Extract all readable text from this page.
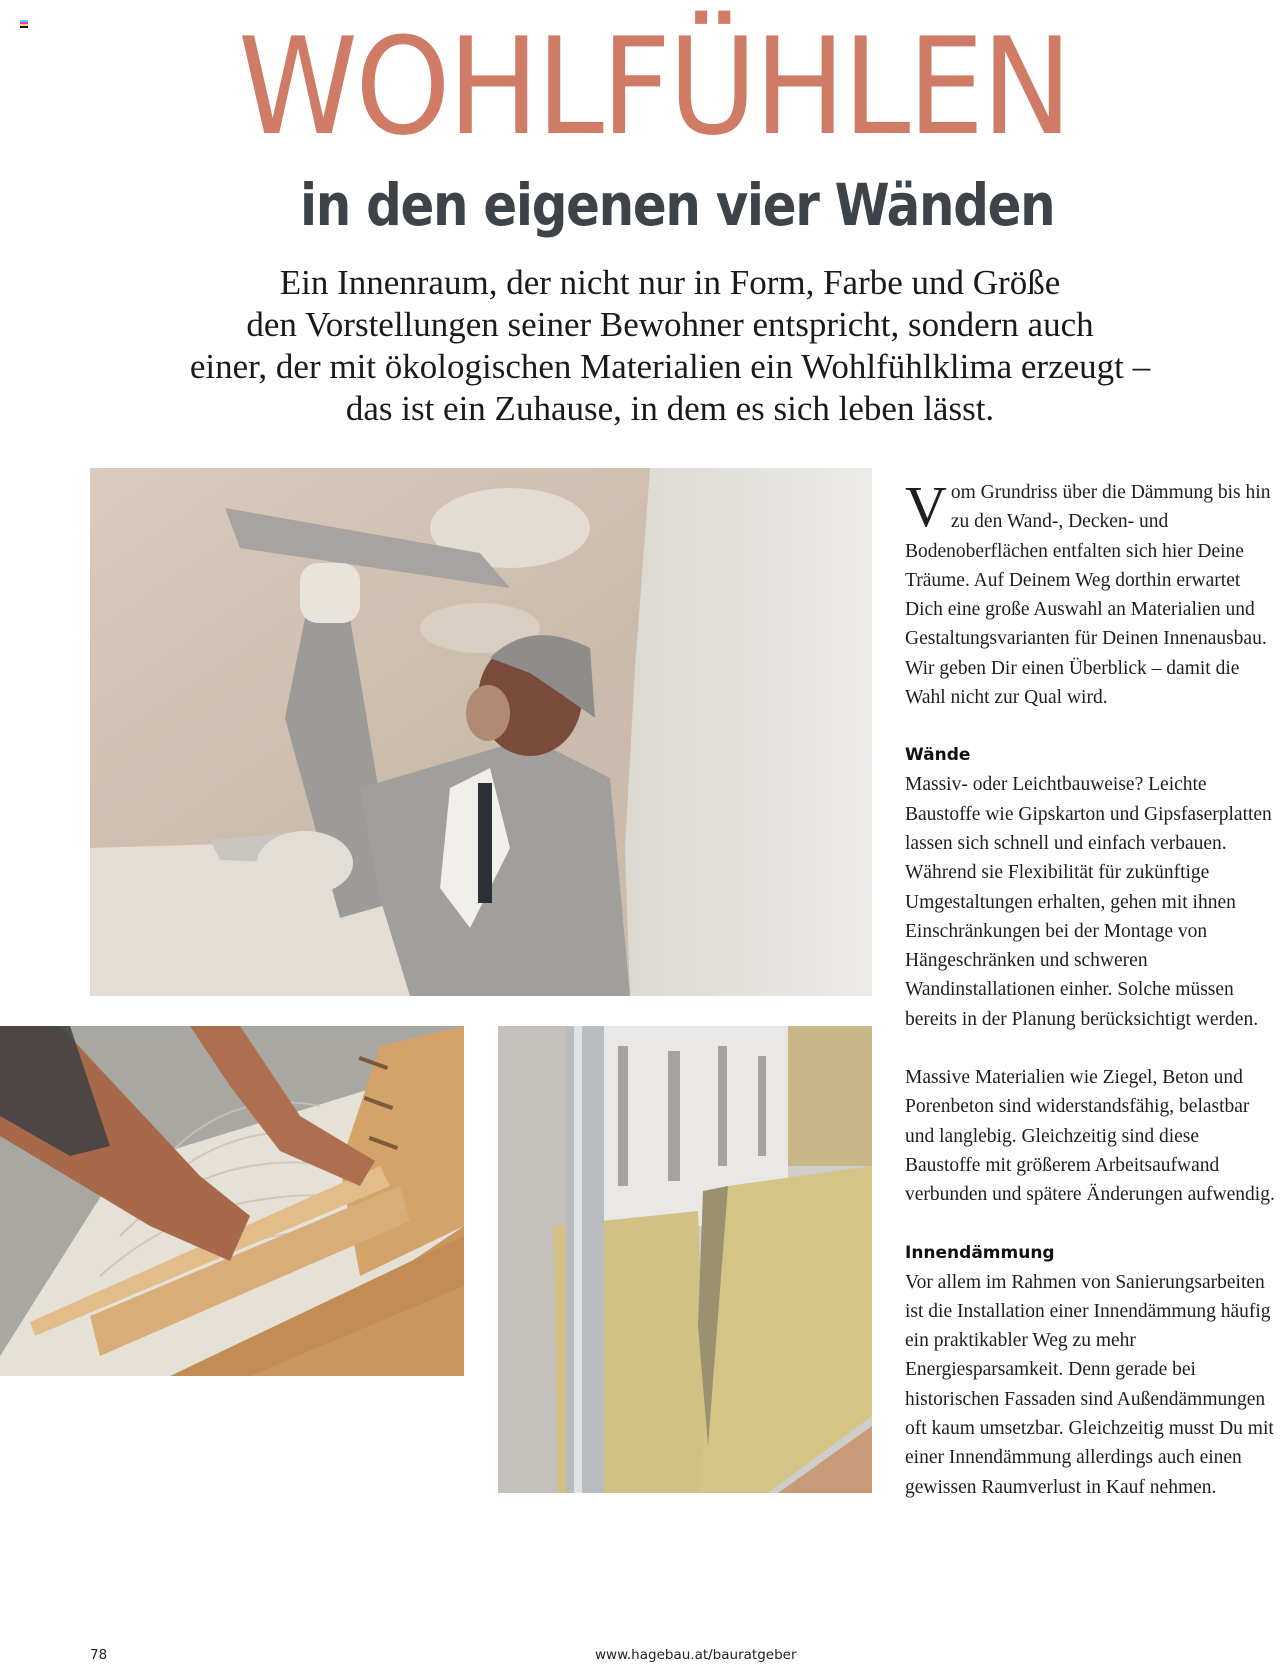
WOHLFÜHLEN
in den eigenen vier Wänden
Ein Innenraum, der nicht nur in Form, Farbe und Größe
den Vorstellungen seiner Bewohner entspricht, sondern auch
einer, der mit ökologischen Materialien ein Wohlfühlklima erzeugt –
das ist ein Zuhause, in dem es sich leben lässt.

Vom Grundriss über die Dämmung bis hin zu den Wand-, Decken- und Bodenoberflächen entfalten sich hier Deine Träume. Auf Deinem Weg dorthin erwartet Dich eine große Auswahl an Materialien und Gestaltungsvarianten für Deinen Innenausbau. Wir geben Dir einen Überblick – damit die Wahl nicht zur Qual wird.

Wände

Massiv- oder Leichtbauweise? Leichte Baustoffe wie Gipskarton und Gipsfaserplatten lassen sich schnell und einfach verbauen. Während sie Flexibilität für zukünftige Umgestaltungen erhalten, gehen mit ihnen Einschränkungen bei der Montage von Hängeschränken und schweren Wandinstallationen einher. Solche müssen bereits in der Planung berücksichtigt werden.

Massive Materialien wie Ziegel, Beton und Porenbeton sind widerstandsfähig, belastbar und langlebig. Gleichzeitig sind diese Baustoffe mit größerem Arbeitsaufwand verbunden und spätere Änderungen aufwendig.

Innendämmung

Vor allem im Rahmen von Sanierungsarbeiten ist die Installation einer Innendämmung häufig ein praktikabler Weg zu mehr Energiesparsamkeit. Denn gerade bei historischen Fassaden sind Außendämmungen oft kaum umsetzbar. Gleichzeitig musst Du mit einer Innendämmung allerdings auch einen gewissen Raumverlust in Kauf nehmen.

78	www.hagebau.at/bauratgeber
